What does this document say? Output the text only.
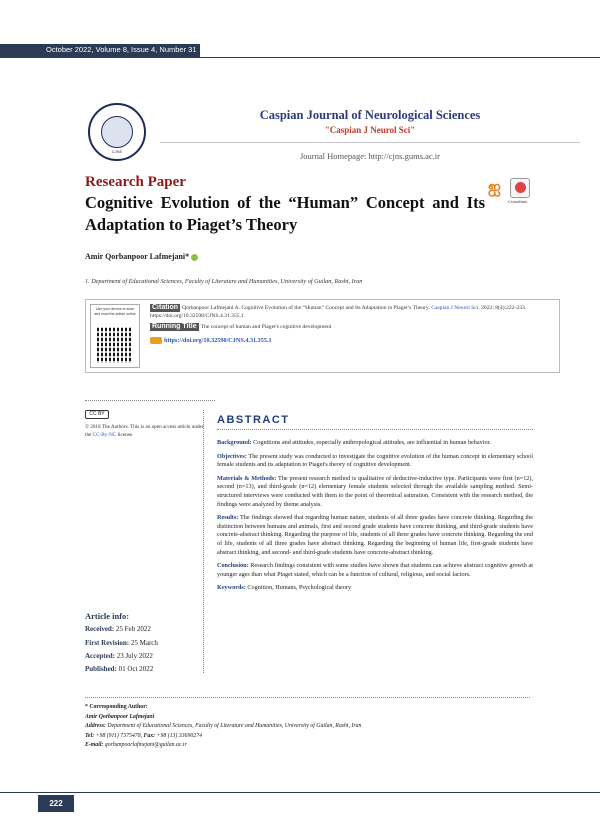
October 2022, Volume 8, Issue 4, Number 31
CJNS
Caspian Journal of Neurological Sciences
"Caspian J Neurol Sci"
Journal Homepage: http://cjns.gums.ac.ir
Research Paper
Cognitive Evolution of the “Human” Concept and Its Adaptation to Piaget’s Theory
ஐ
CrossMark
Amir Qorbanpoor Lafmejani*
1. Department of Educational Sciences, Faculty of Literature and Humanities, University of Guilan, Rasht, Iran
Use your device to scan and read the article online
Citation Qorbanpoor Lafmejani A. Cognitive Evolution of the “Human” Concept and Its Adaptation to Piaget’s Theory. Caspian J Neurol Sci. 2022; 8(4):222-233. https://doi.org/10.32598/CJNS.4.31.355.1
Running Title The concept of human and Piaget's cognitive development
https://doi.org/10.32598/CJNS.4.31.355.1
CC BY
© 2018 The Authors. This is an open access article under the CC-By-NC license.
Article info:
Received: 25 Feb 2022
First Revision: 25 March
Accepted: 23 July 2022
Published: 01 Oct 2022
ABSTRACT

Background: Cognitions and attitudes, especially anthropological attitudes, are influential in human behavior.

Objectives: The present study was conducted to investigate the cognitive evolution of the human concept in elementary school female students and its adaptation to Piaget's theory of cognitive development.

Materials & Methods: The present research method is qualitative of deductive-inductive type. Participants were first (n=12), second (n=13), and third-grade (n=12) elementary female students selected through the available sampling method. Semi-structured interviews were conducted with them to the point of theoretical saturation. Consistent with the research method, the findings were analyzed by theme analysis.

Results: The findings showed that regarding human nature, students of all three grades have concrete thinking. Regarding the distinction between humans and animals, first and second grade students have concrete thinking, and third-grade students have concrete-abstract thinking. Regarding the purpose of life, students of all three grades have concrete thinking. Regarding the end of life, students of all three grades have abstract thinking. Regarding the beginning of human life, first-grade students have abstract thinking, and second- and third-grade students have concrete-abstract thinking.

Conclusion: Research findings consistent with some studies have shown that students can achieve abstract cognitive growth at younger ages than what Piaget stated, which can be a function of cultural, religious, and social factors.

Keywords: Cognition, Humans, Psychological theory

* Corresponding Author:
Amir Qorbanpoor Lafmejani
Address: Department of Educational Sciences, Faculty of Literature and Humanities, University of Guilan, Rasht, Iran
Tel: +98 (911) 7375478, Fax: +98 (13) 33690274
E-mail: qorbanpoorlafmejani@guilan.ac.ir
222
